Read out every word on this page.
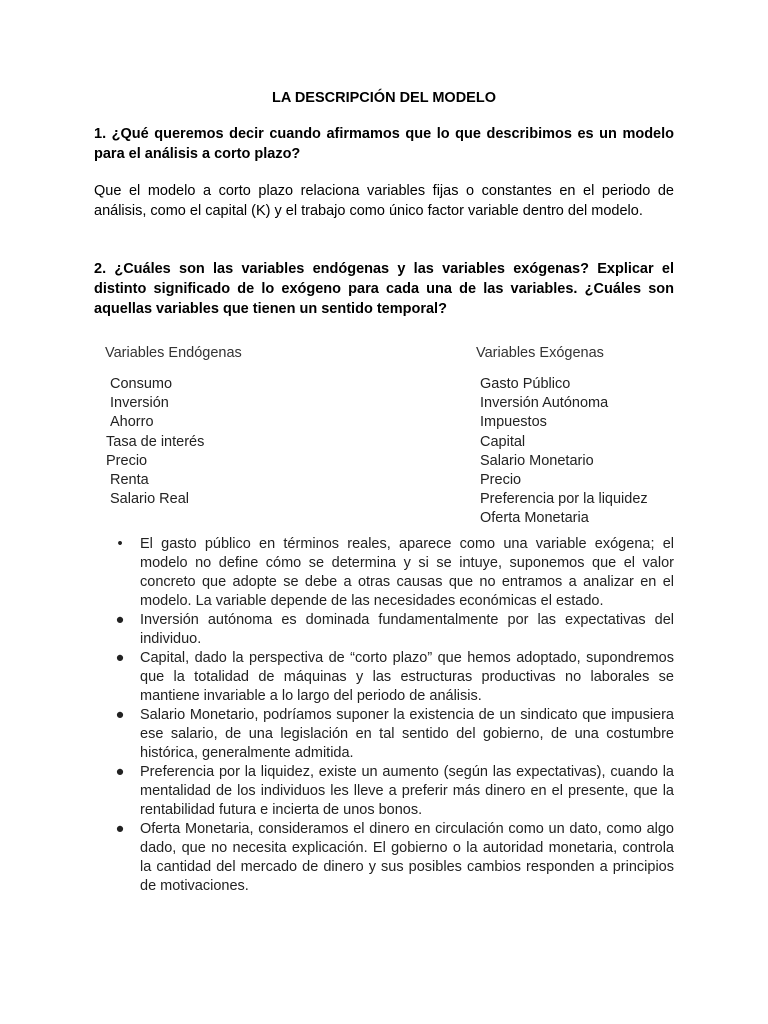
LA DESCRIPCIÓN DEL MODELO
1. ¿Qué queremos decir cuando afirmamos que lo que describimos es un modelo para el análisis a corto plazo?
Que el modelo a corto plazo relaciona variables fijas o constantes en el periodo de análisis, como el capital (K) y el trabajo como único factor variable dentro del modelo.
2. ¿Cuáles son las variables endógenas y las variables exógenas? Explicar el distinto significado de lo exógeno para cada una de las variables. ¿Cuáles son aquellas variables que tienen un sentido temporal?
Variables Endógenas	Variables Exógenas
Consumo
Inversión
Ahorro
Tasa de interés
Precio
Renta
Salario Real
Gasto Público
Inversión Autónoma
Impuestos
Capital
Salario Monetario
Precio
Preferencia por la liquidez
Oferta Monetaria
• El gasto público en términos reales, aparece como una variable exógena; el modelo no define cómo se determina y si se intuye, suponemos que el valor concreto que adopte se debe a otras causas que no entramos a analizar en el modelo. La variable depende de las necesidades económicas el estado.
● Inversión autónoma es dominada fundamentalmente por las expectativas del individuo.
● Capital, dado la perspectiva de “corto plazo” que hemos adoptado, supondremos que la totalidad de máquinas y las estructuras productivas no laborales se mantiene invariable a lo largo del periodo de análisis.
● Salario Monetario, podríamos suponer la existencia de un sindicato que impusiera ese salario, de una legislación en tal sentido del gobierno, de una costumbre histórica, generalmente admitida.
● Preferencia por la liquidez, existe un aumento (según las expectativas), cuando la mentalidad de los individuos les lleve a preferir más dinero en el presente, que la rentabilidad futura e incierta de unos bonos.
● Oferta Monetaria, consideramos el dinero en circulación como un dato, como algo dado, que no necesita explicación. El gobierno o la autoridad monetaria, controla la cantidad del mercado de dinero y sus posibles cambios responden a principios de motivaciones.
